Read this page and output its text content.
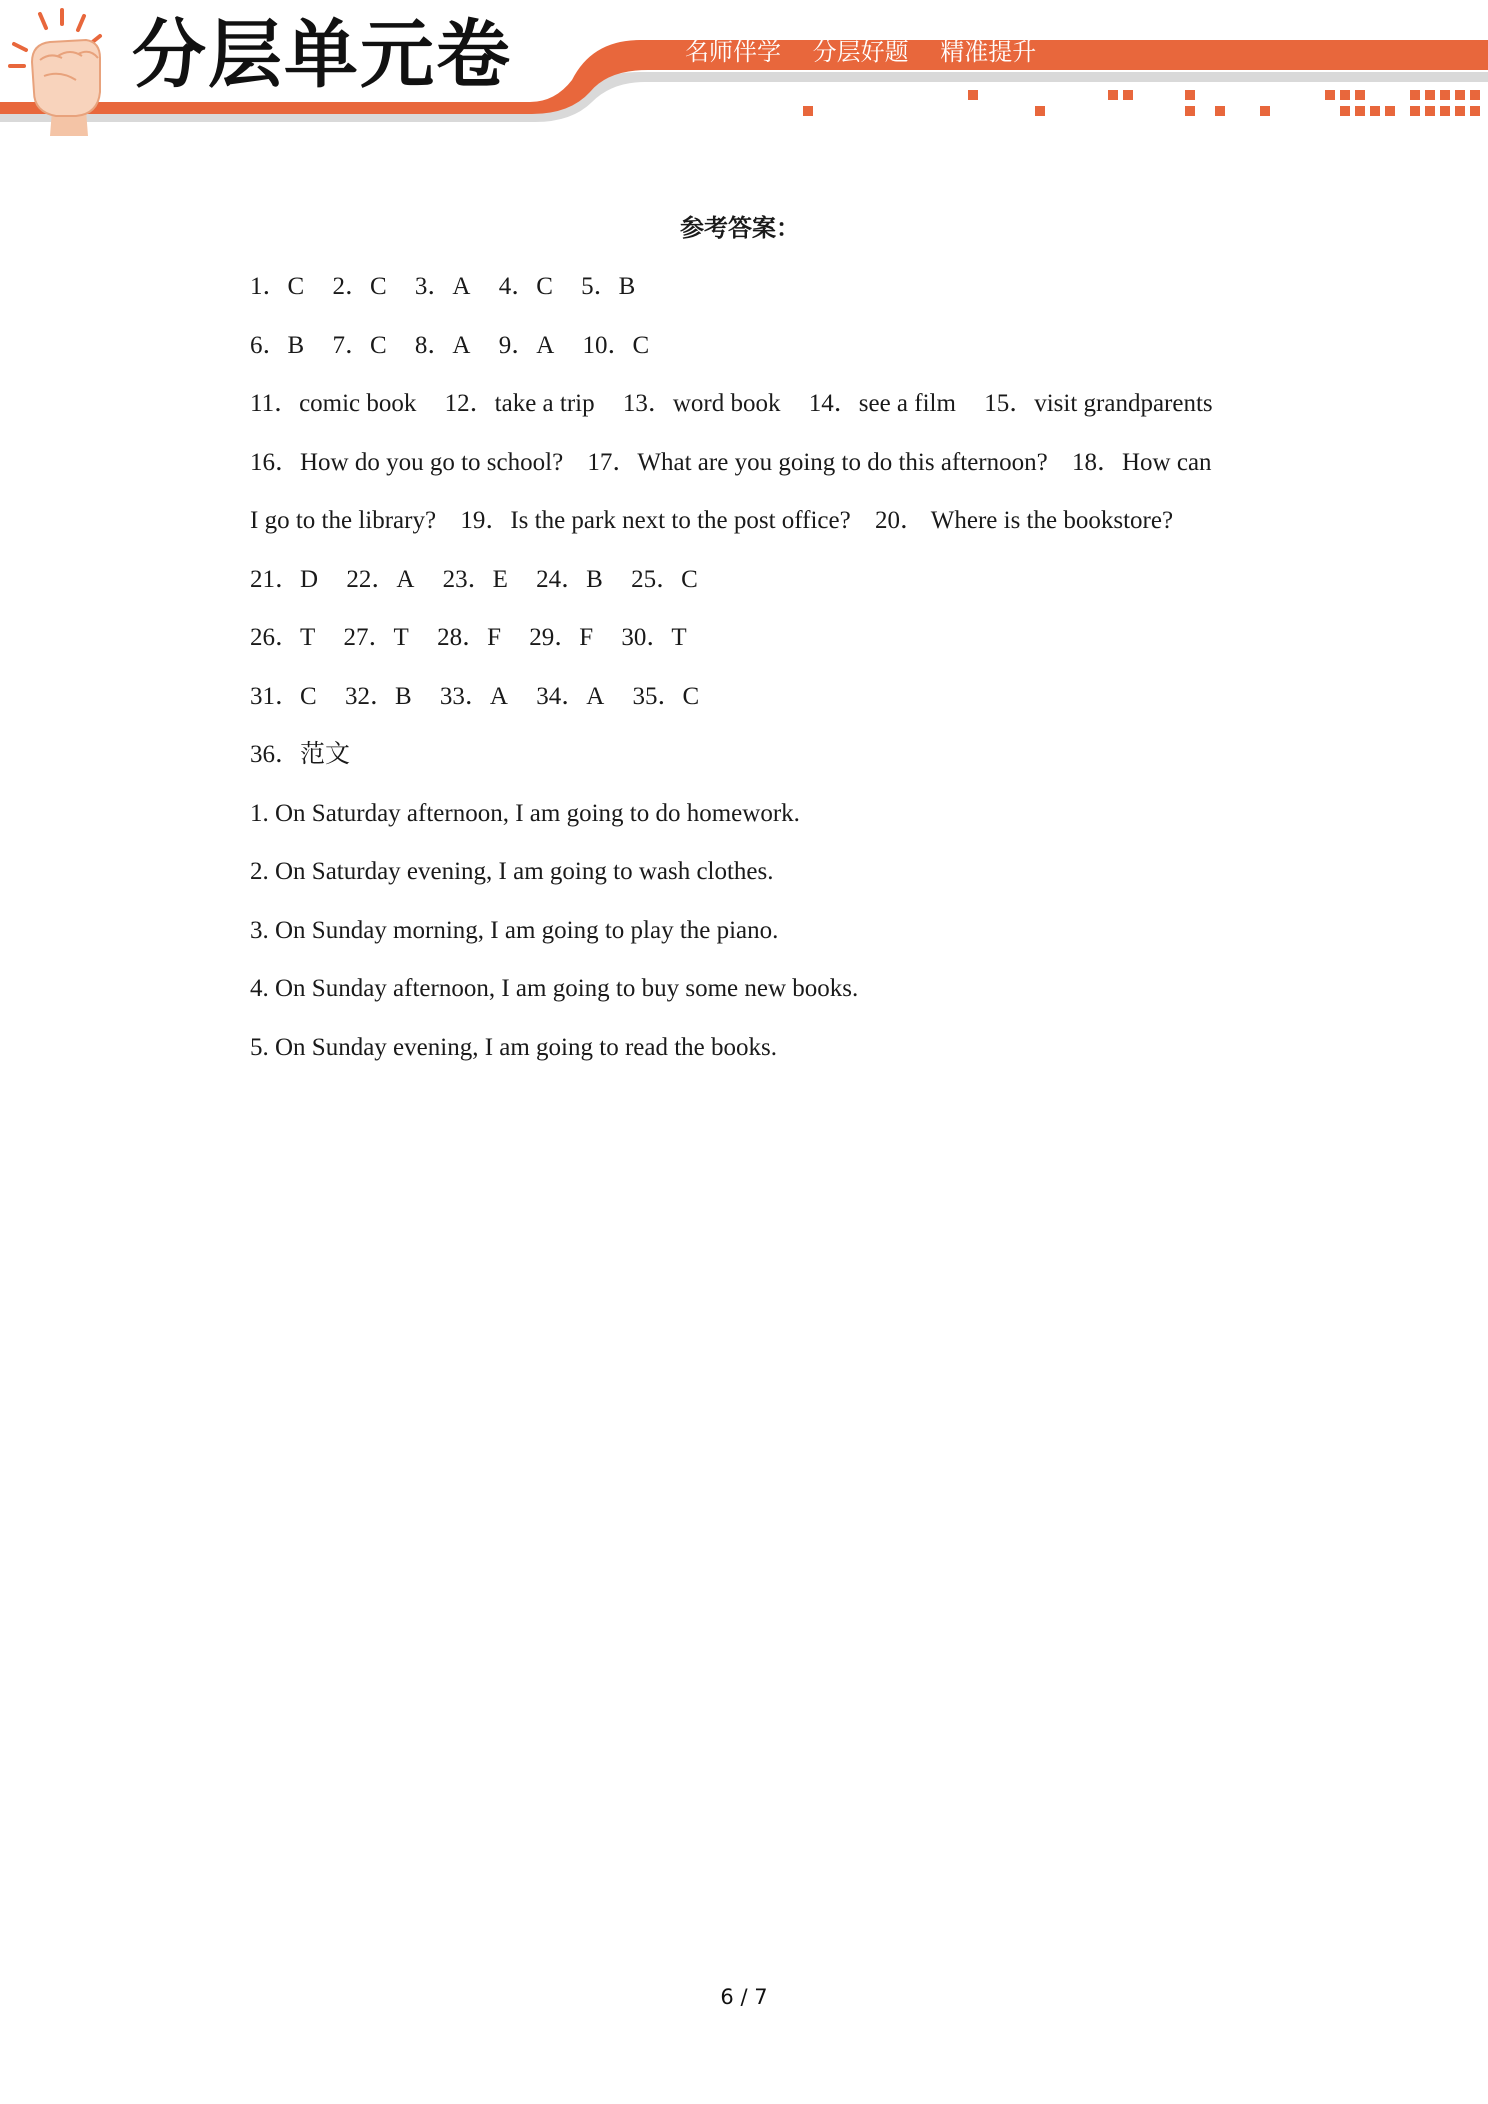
分层单元卷	名师伴学 分层好题 精准提升
参考答案：
1．C 2．C 3．A 4．C 5．B
6．B 7．C 8．A 9．A 10．C
11．comic book 12．take a trip 13．word book 14．see a film 15．visit grandparents
16．How do you go to school? 17．What are you going to do this afternoon? 18．How can
I go to the library? 19．Is the park next to the post office? 20． Where is the bookstore?
21．D 22．A 23．E 24．B 25．C
26．T 27．T 28．F 29．F 30．T
31．C 32．B 33．A 34．A 35．C
36．范文
1. On Saturday afternoon, I am going to do homework.
2. On Saturday evening, I am going to wash clothes.
3. On Sunday morning, I am going to play the piano.
4. On Sunday afternoon, I am going to buy some new books.
5. On Sunday evening, I am going to read the books.
6 / 7
